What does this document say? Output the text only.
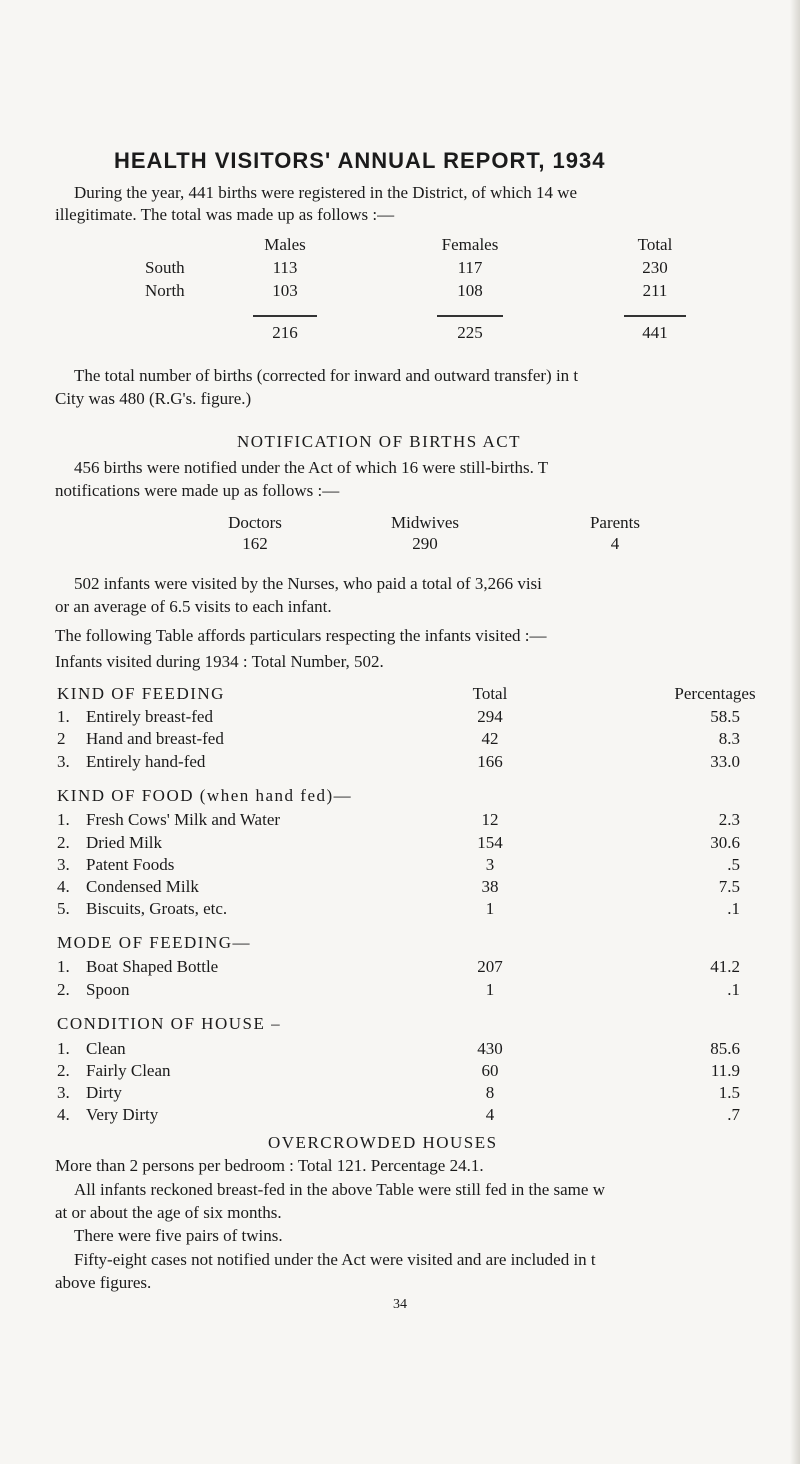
HEALTH VISITORS' ANNUAL REPORT, 1934
During the year, 441 births were registered in the District, of which 14 we
illegitimate. The total was made up as follows :—
Males	Females	Total
South	113	117	230
North	103	108	211
216	225	441
The total number of births (corrected for inward and outward transfer) in t
City was 480 (R.G's. figure.)
NOTIFICATION OF BIRTHS ACT
456 births were notified under the Act of which 16 were still-births. T
notifications were made up as follows :—
Doctors	Midwives	Parents
162	290	4
502 infants were visited by the Nurses, who paid a total of 3,266 visi
or an average of 6.5 visits to each infant.
The following Table affords particulars respecting the infants visited :—
Infants visited during 1934 : Total Number, 502.
KIND OF FEEDING	Total	Percentages
1. Entirely breast-fed	294	58.5
2 Hand and breast-fed	42	8.3
3. Entirely hand-fed	166	33.0
KIND OF FOOD (when hand fed)—
1. Fresh Cows' Milk and Water	12	2.3
2. Dried Milk	154	30.6
3. Patent Foods	3	.5
4. Condensed Milk	38	7.5
5. Biscuits, Groats, etc.	1	.1
MODE OF FEEDING—
1. Boat Shaped Bottle	207	41.2
2. Spoon	1	.1
CONDITION OF HOUSE –
1. Clean	430	85.6
2. Fairly Clean	60	11.9
3. Dirty	8	1.5
4. Very Dirty	4	.7
OVERCROWDED HOUSES
More than 2 persons per bedroom : Total 121. Percentage 24.1.
All infants reckoned breast-fed in the above Table were still fed in the same w
at or about the age of six months.
There were five pairs of twins.
Fifty-eight cases not notified under the Act were visited and are included in t
above figures.
34
